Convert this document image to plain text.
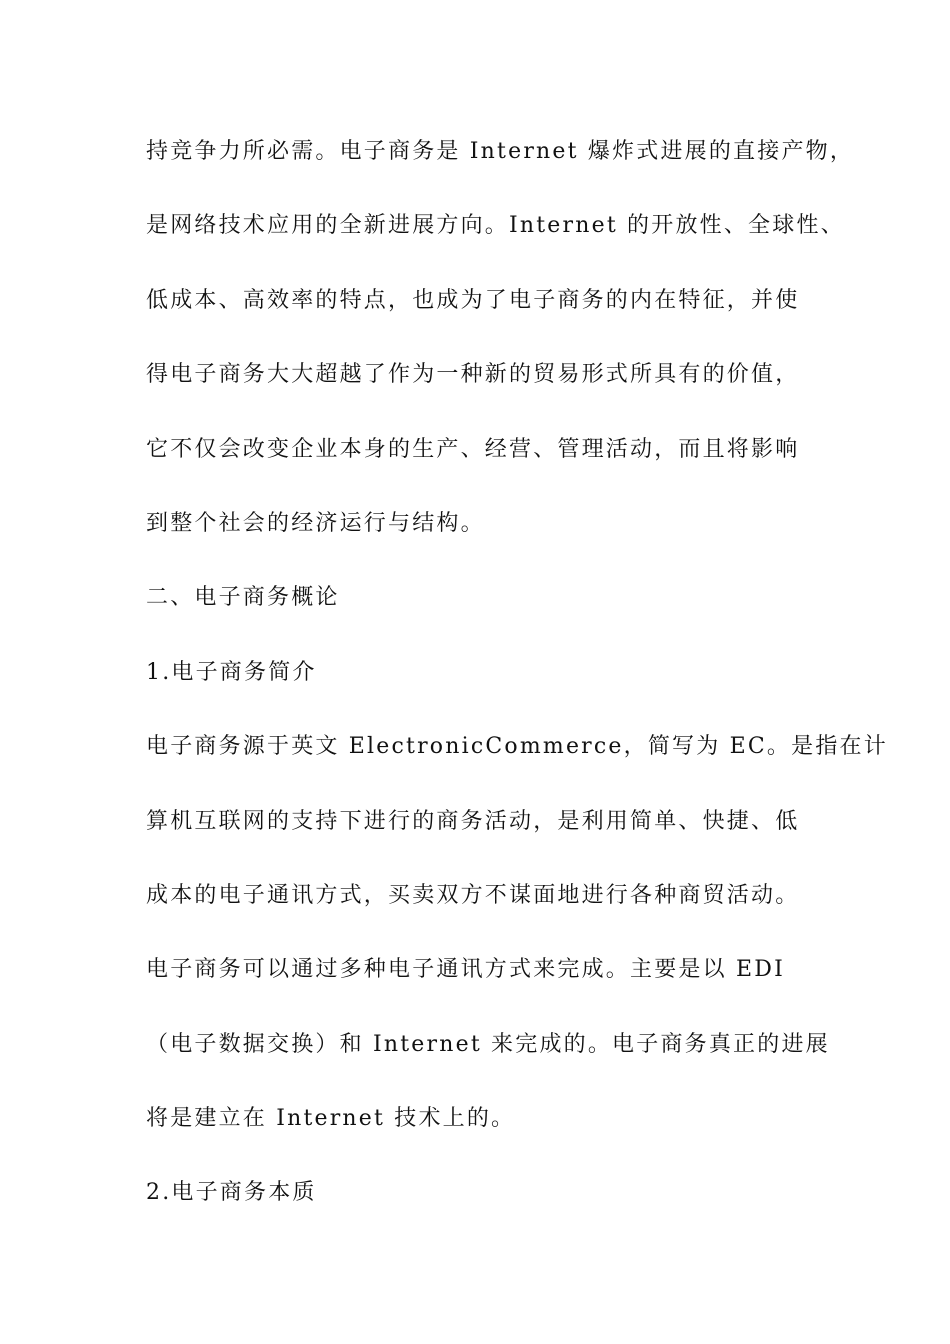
持竞争力所必需。电子商务是 Internet 爆炸式进展的直接产物，
是网络技术应用的全新进展方向。Internet 的开放性、全球性、
低成本、高效率的特点，也成为了电子商务的内在特征，并使
得电子商务大大超越了作为一种新的贸易形式所具有的价值，
它不仅会改变企业本身的生产、经营、管理活动，而且将影响
到整个社会的经济运行与结构。
二、电子商务概论
1.电子商务简介
电子商务源于英文 ElectronicCommerce，简写为 EC。是指在计
算机互联网的支持下进行的商务活动，是利用简单、快捷、低
成本的电子通讯方式，买卖双方不谋面地进行各种商贸活动。
电子商务可以通过多种电子通讯方式来完成。主要是以 EDI
（电子数据交换）和 Internet 来完成的。电子商务真正的进展
将是建立在 Internet 技术上的。
2.电子商务本质
